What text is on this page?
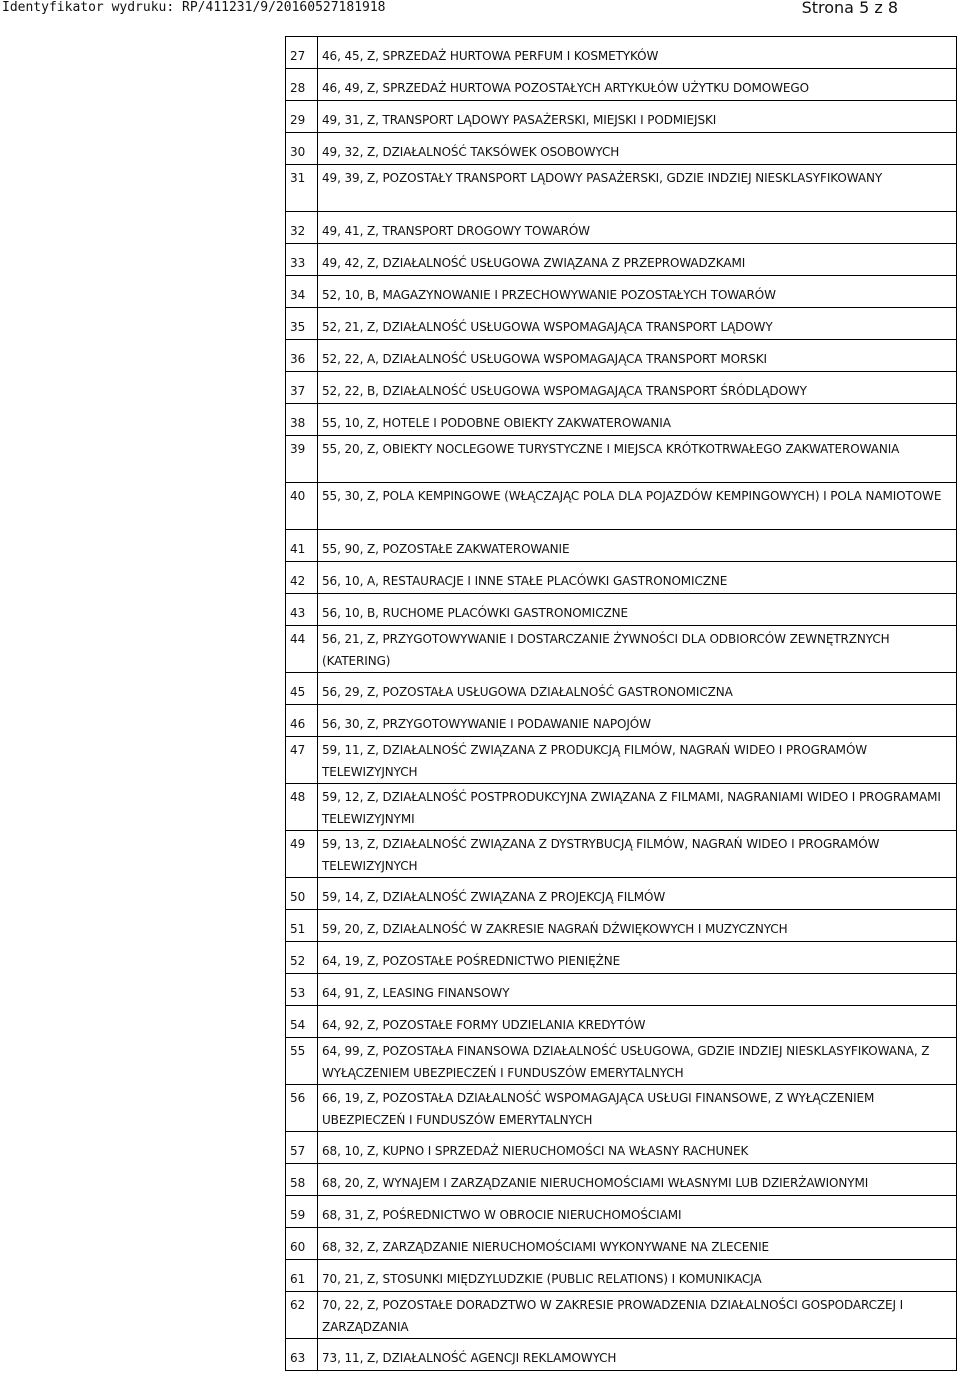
Identyfikator wydruku: RP/411231/9/20160527181918	Strona 5 z 8
27	46, 45, Z, SPRZEDAŻ HURTOWA PERFUM I KOSMETYKÓW
28	46, 49, Z, SPRZEDAŻ HURTOWA POZOSTAŁYCH ARTYKUŁÓW UŻYTKU DOMOWEGO
29	49, 31, Z, TRANSPORT LĄDOWY PASAŻERSKI, MIEJSKI I PODMIEJSKI
30	49, 32, Z, DZIAŁALNOŚĆ TAKSÓWEK OSOBOWYCH
31	49, 39, Z, POZOSTAŁY TRANSPORT LĄDOWY PASAŻERSKI, GDZIE INDZIEJ NIESKLASYFIKOWANY
32	49, 41, Z, TRANSPORT DROGOWY TOWARÓW
33	49, 42, Z, DZIAŁALNOŚĆ USŁUGOWA ZWIĄZANA Z PRZEPROWADZKAMI
34	52, 10, B, MAGAZYNOWANIE I PRZECHOWYWANIE POZOSTAŁYCH TOWARÓW
35	52, 21, Z, DZIAŁALNOŚĆ USŁUGOWA WSPOMAGAJĄCA TRANSPORT LĄDOWY
36	52, 22, A, DZIAŁALNOŚĆ USŁUGOWA WSPOMAGAJĄCA TRANSPORT MORSKI
37	52, 22, B, DZIAŁALNOŚĆ USŁUGOWA WSPOMAGAJĄCA TRANSPORT ŚRÓDLĄDOWY
38	55, 10, Z, HOTELE I PODOBNE OBIEKTY ZAKWATEROWANIA
39	55, 20, Z, OBIEKTY NOCLEGOWE TURYSTYCZNE I MIEJSCA KRÓTKOTRWAŁEGO ZAKWATEROWANIA
40	55, 30, Z, POLA KEMPINGOWE (WŁĄCZAJĄC POLA DLA POJAZDÓW KEMPINGOWYCH) I POLA NAMIOTOWE
41	55, 90, Z, POZOSTAŁE ZAKWATEROWANIE
42	56, 10, A, RESTAURACJE I INNE STAŁE PLACÓWKI GASTRONOMICZNE
43	56, 10, B, RUCHOME PLACÓWKI GASTRONOMICZNE
44	56, 21, Z, PRZYGOTOWYWANIE I DOSTARCZANIE ŻYWNOŚCI DLA ODBIORCÓW ZEWNĘTRZNYCH (KATERING)
45	56, 29, Z, POZOSTAŁA USŁUGOWA DZIAŁALNOŚĆ GASTRONOMICZNA
46	56, 30, Z, PRZYGOTOWYWANIE I PODAWANIE NAPOJÓW
47	59, 11, Z, DZIAŁALNOŚĆ ZWIĄZANA Z PRODUKCJĄ FILMÓW, NAGRAŃ WIDEO I PROGRAMÓW TELEWIZYJNYCH
48	59, 12, Z, DZIAŁALNOŚĆ POSTPRODUKCYJNA ZWIĄZANA Z FILMAMI, NAGRANIAMI WIDEO I PROGRAMAMI TELEWIZYJNYMI
49	59, 13, Z, DZIAŁALNOŚĆ ZWIĄZANA Z DYSTRYBUCJĄ FILMÓW, NAGRAŃ WIDEO I PROGRAMÓW TELEWIZYJNYCH
50	59, 14, Z, DZIAŁALNOŚĆ ZWIĄZANA Z PROJEKCJĄ FILMÓW
51	59, 20, Z, DZIAŁALNOŚĆ W ZAKRESIE NAGRAŃ DŹWIĘKOWYCH I MUZYCZNYCH
52	64, 19, Z, POZOSTAŁE POŚREDNICTWO PIENIĘŻNE
53	64, 91, Z, LEASING FINANSOWY
54	64, 92, Z, POZOSTAŁE FORMY UDZIELANIA KREDYTÓW
55	64, 99, Z, POZOSTAŁA FINANSOWA DZIAŁALNOŚĆ USŁUGOWA, GDZIE INDZIEJ NIESKLASYFIKOWANA, Z WYŁĄCZENIEM UBEZPIECZEŃ I FUNDUSZÓW EMERYTALNYCH
56	66, 19, Z, POZOSTAŁA DZIAŁALNOŚĆ WSPOMAGAJĄCA USŁUGI FINANSOWE, Z WYŁĄCZENIEM UBEZPIECZEŃ I FUNDUSZÓW EMERYTALNYCH
57	68, 10, Z, KUPNO I SPRZEDAŻ NIERUCHOMOŚCI NA WŁASNY RACHUNEK
58	68, 20, Z, WYNAJEM I ZARZĄDZANIE NIERUCHOMOŚCIAMI WŁASNYMI LUB DZIERŻAWIONYMI
59	68, 31, Z, POŚREDNICTWO W OBROCIE NIERUCHOMOŚCIAMI
60	68, 32, Z, ZARZĄDZANIE NIERUCHOMOŚCIAMI WYKONYWANE NA ZLECENIE
61	70, 21, Z, STOSUNKI MIĘDZYLUDZKIE (PUBLIC RELATIONS) I KOMUNIKACJA
62	70, 22, Z, POZOSTAŁE DORADZTWO W ZAKRESIE PROWADZENIA DZIAŁALNOŚCI GOSPODARCZEJ I ZARZĄDZANIA
63	73, 11, Z, DZIAŁALNOŚĆ AGENCJI REKLAMOWYCH
